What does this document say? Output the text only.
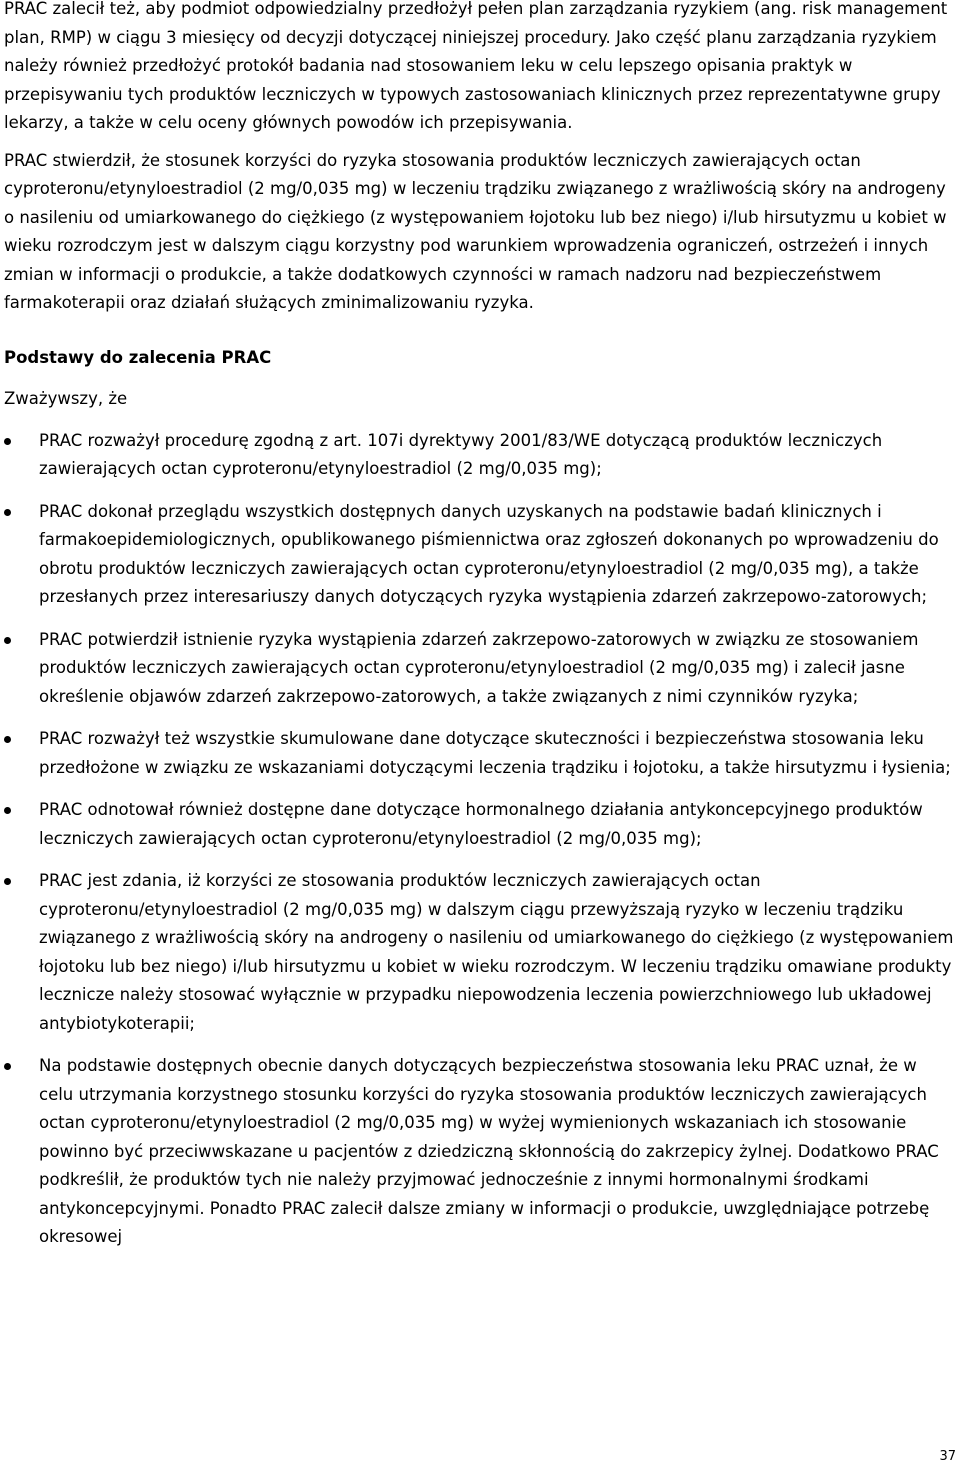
PRAC zalecił też, aby podmiot odpowiedzialny przedłożył pełen plan zarządzania ryzykiem (ang. risk management plan, RMP) w ciągu 3 miesięcy od decyzji dotyczącej niniejszej procedury. Jako część planu zarządzania ryzykiem należy również przedłożyć protokół badania nad stosowaniem leku w celu lepszego opisania praktyk w przepisywaniu tych produktów leczniczych w typowych zastosowaniach klinicznych przez reprezentatywne grupy lekarzy, a także w celu oceny głównych powodów ich przepisywania.

PRAC stwierdził, że stosunek korzyści do ryzyka stosowania produktów leczniczych zawierających octan cyproteronu/etynyloestradiol (2 mg/0,035 mg) w leczeniu trądziku związanego z wrażliwością skóry na androgeny o nasileniu od umiarkowanego do ciężkiego (z występowaniem łojotoku lub bez niego) i/lub hirsutyzmu u kobiet w wieku rozrodczym jest w dalszym ciągu korzystny pod warunkiem wprowadzenia ograniczeń, ostrzeżeń i innych zmian w informacji o produkcie, a także dodatkowych czynności w ramach nadzoru nad bezpieczeństwem farmakoterapii oraz działań służących zminimalizowaniu ryzyka.

Podstawy do zalecenia PRAC

Zważywszy, że

PRAC rozważył procedurę zgodną z art. 107i dyrektywy 2001/83/WE dotyczącą produktów leczniczych zawierających octan cyproteronu/etynyloestradiol (2 mg/0,035 mg);
PRAC dokonał przeglądu wszystkich dostępnych danych uzyskanych na podstawie badań klinicznych i farmakoepidemiologicznych, opublikowanego piśmiennictwa oraz zgłoszeń dokonanych po wprowadzeniu do obrotu produktów leczniczych zawierających octan cyproteronu/etynyloestradiol (2 mg/0,035 mg), a także przesłanych przez interesariuszy danych dotyczących ryzyka wystąpienia zdarzeń zakrzepowo-zatorowych;
PRAC potwierdził istnienie ryzyka wystąpienia zdarzeń zakrzepowo-zatorowych w związku ze stosowaniem produktów leczniczych zawierających octan cyproteronu/etynyloestradiol (2 mg/0,035 mg) i zalecił jasne określenie objawów zdarzeń zakrzepowo-zatorowych, a także związanych z nimi czynników ryzyka;
PRAC rozważył też wszystkie skumulowane dane dotyczące skuteczności i bezpieczeństwa stosowania leku przedłożone w związku ze wskazaniami dotyczącymi leczenia trądziku i łojotoku, a także hirsutyzmu i łysienia;
PRAC odnotował również dostępne dane dotyczące hormonalnego działania antykoncepcyjnego produktów leczniczych zawierających octan cyproteronu/etynyloestradiol (2 mg/0,035 mg);
PRAC jest zdania, iż korzyści ze stosowania produktów leczniczych zawierających octan cyproteronu/etynyloestradiol (2 mg/0,035 mg) w dalszym ciągu przewyższają ryzyko w leczeniu trądziku związanego z wrażliwością skóry na androgeny o nasileniu od umiarkowanego do ciężkiego (z występowaniem łojotoku lub bez niego) i/lub hirsutyzmu u kobiet w wieku rozrodczym. W leczeniu trądziku omawiane produkty lecznicze należy stosować wyłącznie w przypadku niepowodzenia leczenia powierzchniowego lub układowej antybiotykoterapii;
Na podstawie dostępnych obecnie danych dotyczących bezpieczeństwa stosowania leku PRAC uznał, że w celu utrzymania korzystnego stosunku korzyści do ryzyka stosowania produktów leczniczych zawierających octan cyproteronu/etynyloestradiol (2 mg/0,035 mg) w wyżej wymienionych wskazaniach ich stosowanie powinno być przeciwwskazane u pacjentów z dziedziczną skłonnością do zakrzepicy żylnej. Dodatkowo PRAC podkreślił, że produktów tych nie należy przyjmować jednocześnie z innymi hormonalnymi środkami antykoncepcyjnymi. Ponadto PRAC zalecił dalsze zmiany w informacji o produkcie, uwzględniające potrzebę okresowej
37
